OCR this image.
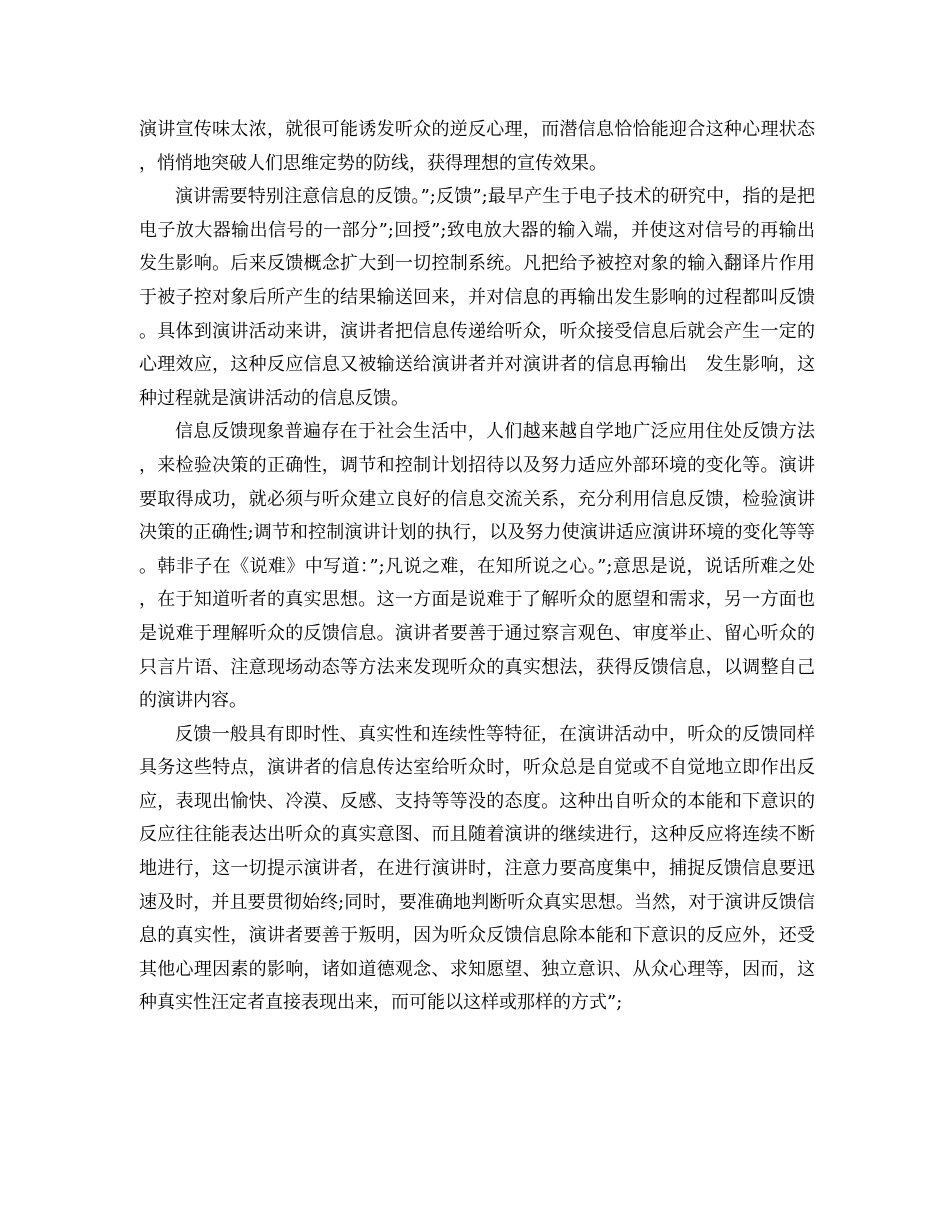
演讲宣传味太浓，就很可能诱发听众的逆反心理，而潜信息恰恰能迎合这种心理状态，悄悄地突破人们思维定势的防线，获得理想的宣传效果。

演讲需要特别注意信息的反馈。”;反馈”;最早产生于电子技术的研究中，指的是把电子放大器输出信号的一部分”;回授”;致电放大器的输入端，并使这对信号的再输出发生影响。后来反馈概念扩大到一切控制系统。凡把给予被控对象的输入翻译片作用于被子控对象后所产生的结果输送回来，并对信息的再输出发生影响的过程都叫反馈。具体到演讲活动来讲，演讲者把信息传递给听众，听众接受信息后就会产生一定的心理效应，这种反应信息又被输送给演讲者并对演讲者的信息再输出　发生影响，这种过程就是演讲活动的信息反馈。

信息反馈现象普遍存在于社会生活中，人们越来越自学地广泛应用住处反馈方法，来检验决策的正确性，调节和控制计划招待以及努力适应外部环境的变化等。演讲要取得成功，就必须与听众建立良好的信息交流关系，充分利用信息反馈，检验演讲决策的正确性;调节和控制演讲计划的执行，以及努力使演讲适应演讲环境的变化等等。韩非子在《说难》中写道：”;凡说之难，在知所说之心。”;意思是说，说话所难之处，在于知道听者的真实思想。这一方面是说难于了解听众的愿望和需求，另一方面也是说难于理解听众的反馈信息。演讲者要善于通过察言观色、审度举止、留心听众的只言片语、注意现场动态等方法来发现听众的真实想法，获得反馈信息，以调整自己的演讲内容。

反馈一般具有即时性、真实性和连续性等特征，在演讲活动中，听众的反馈同样具务这些特点，演讲者的信息传达室给听众时，听众总是自觉或不自觉地立即作出反应，表现出愉快、冷漠、反感、支持等等没的态度。这种出自听众的本能和下意识的反应往往能表达出听众的真实意图、而且随着演讲的继续进行，这种反应将连续不断地进行，这一切提示演讲者，在进行演讲时，注意力要高度集中，捕捉反馈信息要迅速及时，并且要贯彻始终;同时，要准确地判断听众真实思想。当然，对于演讲反馈信息的真实性，演讲者要善于叛明，因为听众反馈信息除本能和下意识的反应外，还受其他心理因素的影响，诸如道德观念、求知愿望、独立意识、从众心理等，因而，这种真实性汪定者直接表现出来，而可能以这样或那样的方式”;
